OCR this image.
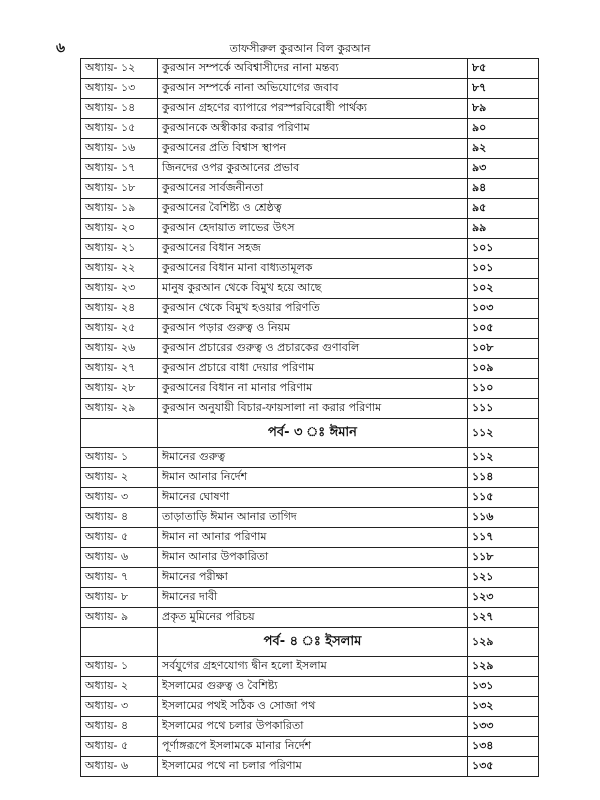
৬	তাফসীরুল কুরআন বিল কুরআন
অধ্যায়- ১২	কুরআন সম্পর্কে অবিশ্বাসীদের নানা মন্তব্য	৮৫
অধ্যায়- ১৩	কুরআন সম্পর্কে নানা অভিযোগের জবাব	৮৭
অধ্যায়- ১৪	কুরআন গ্রহণের ব্যাপারে পরস্পরবিরোধী পার্থক্য	৮৯
অধ্যায়- ১৫	কুরআনকে অস্বীকার করার পরিণাম	৯০
অধ্যায়- ১৬	কুরআনের প্রতি বিশ্বাস স্থাপন	৯২
অধ্যায়- ১৭	জিনদের ওপর কুরআনের প্রভাব	৯৩
অধ্যায়- ১৮	কুরআনের সার্বজনীনতা	৯৪
অধ্যায়- ১৯	কুরআনের বৈশিষ্ট্য ও শ্রেষ্ঠত্ব	৯৫
অধ্যায়- ২০	কুরআন হেদায়াত লাভের উৎস	৯৯
অধ্যায়- ২১	কুরআনের বিধান সহজ	১০১
অধ্যায়- ২২	কুরআনের বিধান মানা বাধ্যতামূলক	১০১
অধ্যায়- ২৩	মানুষ কুরআন থেকে বিমুখ হয়ে আছে	১০২
অধ্যায়- ২৪	কুরআন থেকে বিমুখ হওয়ার পরিণতি	১০৩
অধ্যায়- ২৫	কুরআন পড়ার গুরুত্ব ও নিয়ম	১০৫
অধ্যায়- ২৬	কুরআন প্রচারের গুরুত্ব ও প্রচারকের গুণাবলি	১০৮
অধ্যায়- ২৭	কুরআন প্রচারে বাধা দেয়ার পরিণাম	১০৯
অধ্যায়- ২৮	কুরআনের বিধান না মানার পরিণাম	১১০
অধ্যায়- ২৯	কুরআন অনুযায়ী বিচার-ফায়সালা না করার পরিণাম	১১১
	পর্ব- ৩ ঃ ঈমান	১১২
অধ্যায়- ১	ঈমানের গুরুত্ব	১১২
অধ্যায়- ২	ঈমান আনার নির্দেশ	১১৪
অধ্যায়- ৩	ঈমানের ঘোষণা	১১৫
অধ্যায়- ৪	তাড়াতাড়ি ঈমান আনার তাগিদ	১১৬
অধ্যায়- ৫	ঈমান না আনার পরিণাম	১১৭
অধ্যায়- ৬	ঈমান আনার উপকারিতা	১১৮
অধ্যায়- ৭	ঈমানের পরীক্ষা	১২১
অধ্যায়- ৮	ঈমানের দাবী	১২৩
অধ্যায়- ৯	প্রকৃত মুমিনের পরিচয়	১২৭
	পর্ব- ৪ ঃ ইসলাম	১২৯
অধ্যায়- ১	সর্বযুগের গ্রহণযোগ্য দ্বীন হলো ইসলাম	১২৯
অধ্যায়- ২	ইসলামের গুরুত্ব ও বৈশিষ্ট্য	১৩১
অধ্যায়- ৩	ইসলামের পথই সঠিক ও সোজা পথ	১৩২
অধ্যায়- ৪	ইসলামের পথে চলার উপকারিতা	১৩৩
অধ্যায়- ৫	পূর্ণাঙ্গরূপে ইসলামকে মানার নির্দেশ	১৩৪
অধ্যায়- ৬	ইসলামের পথে না চলার পরিণাম	১৩৫
